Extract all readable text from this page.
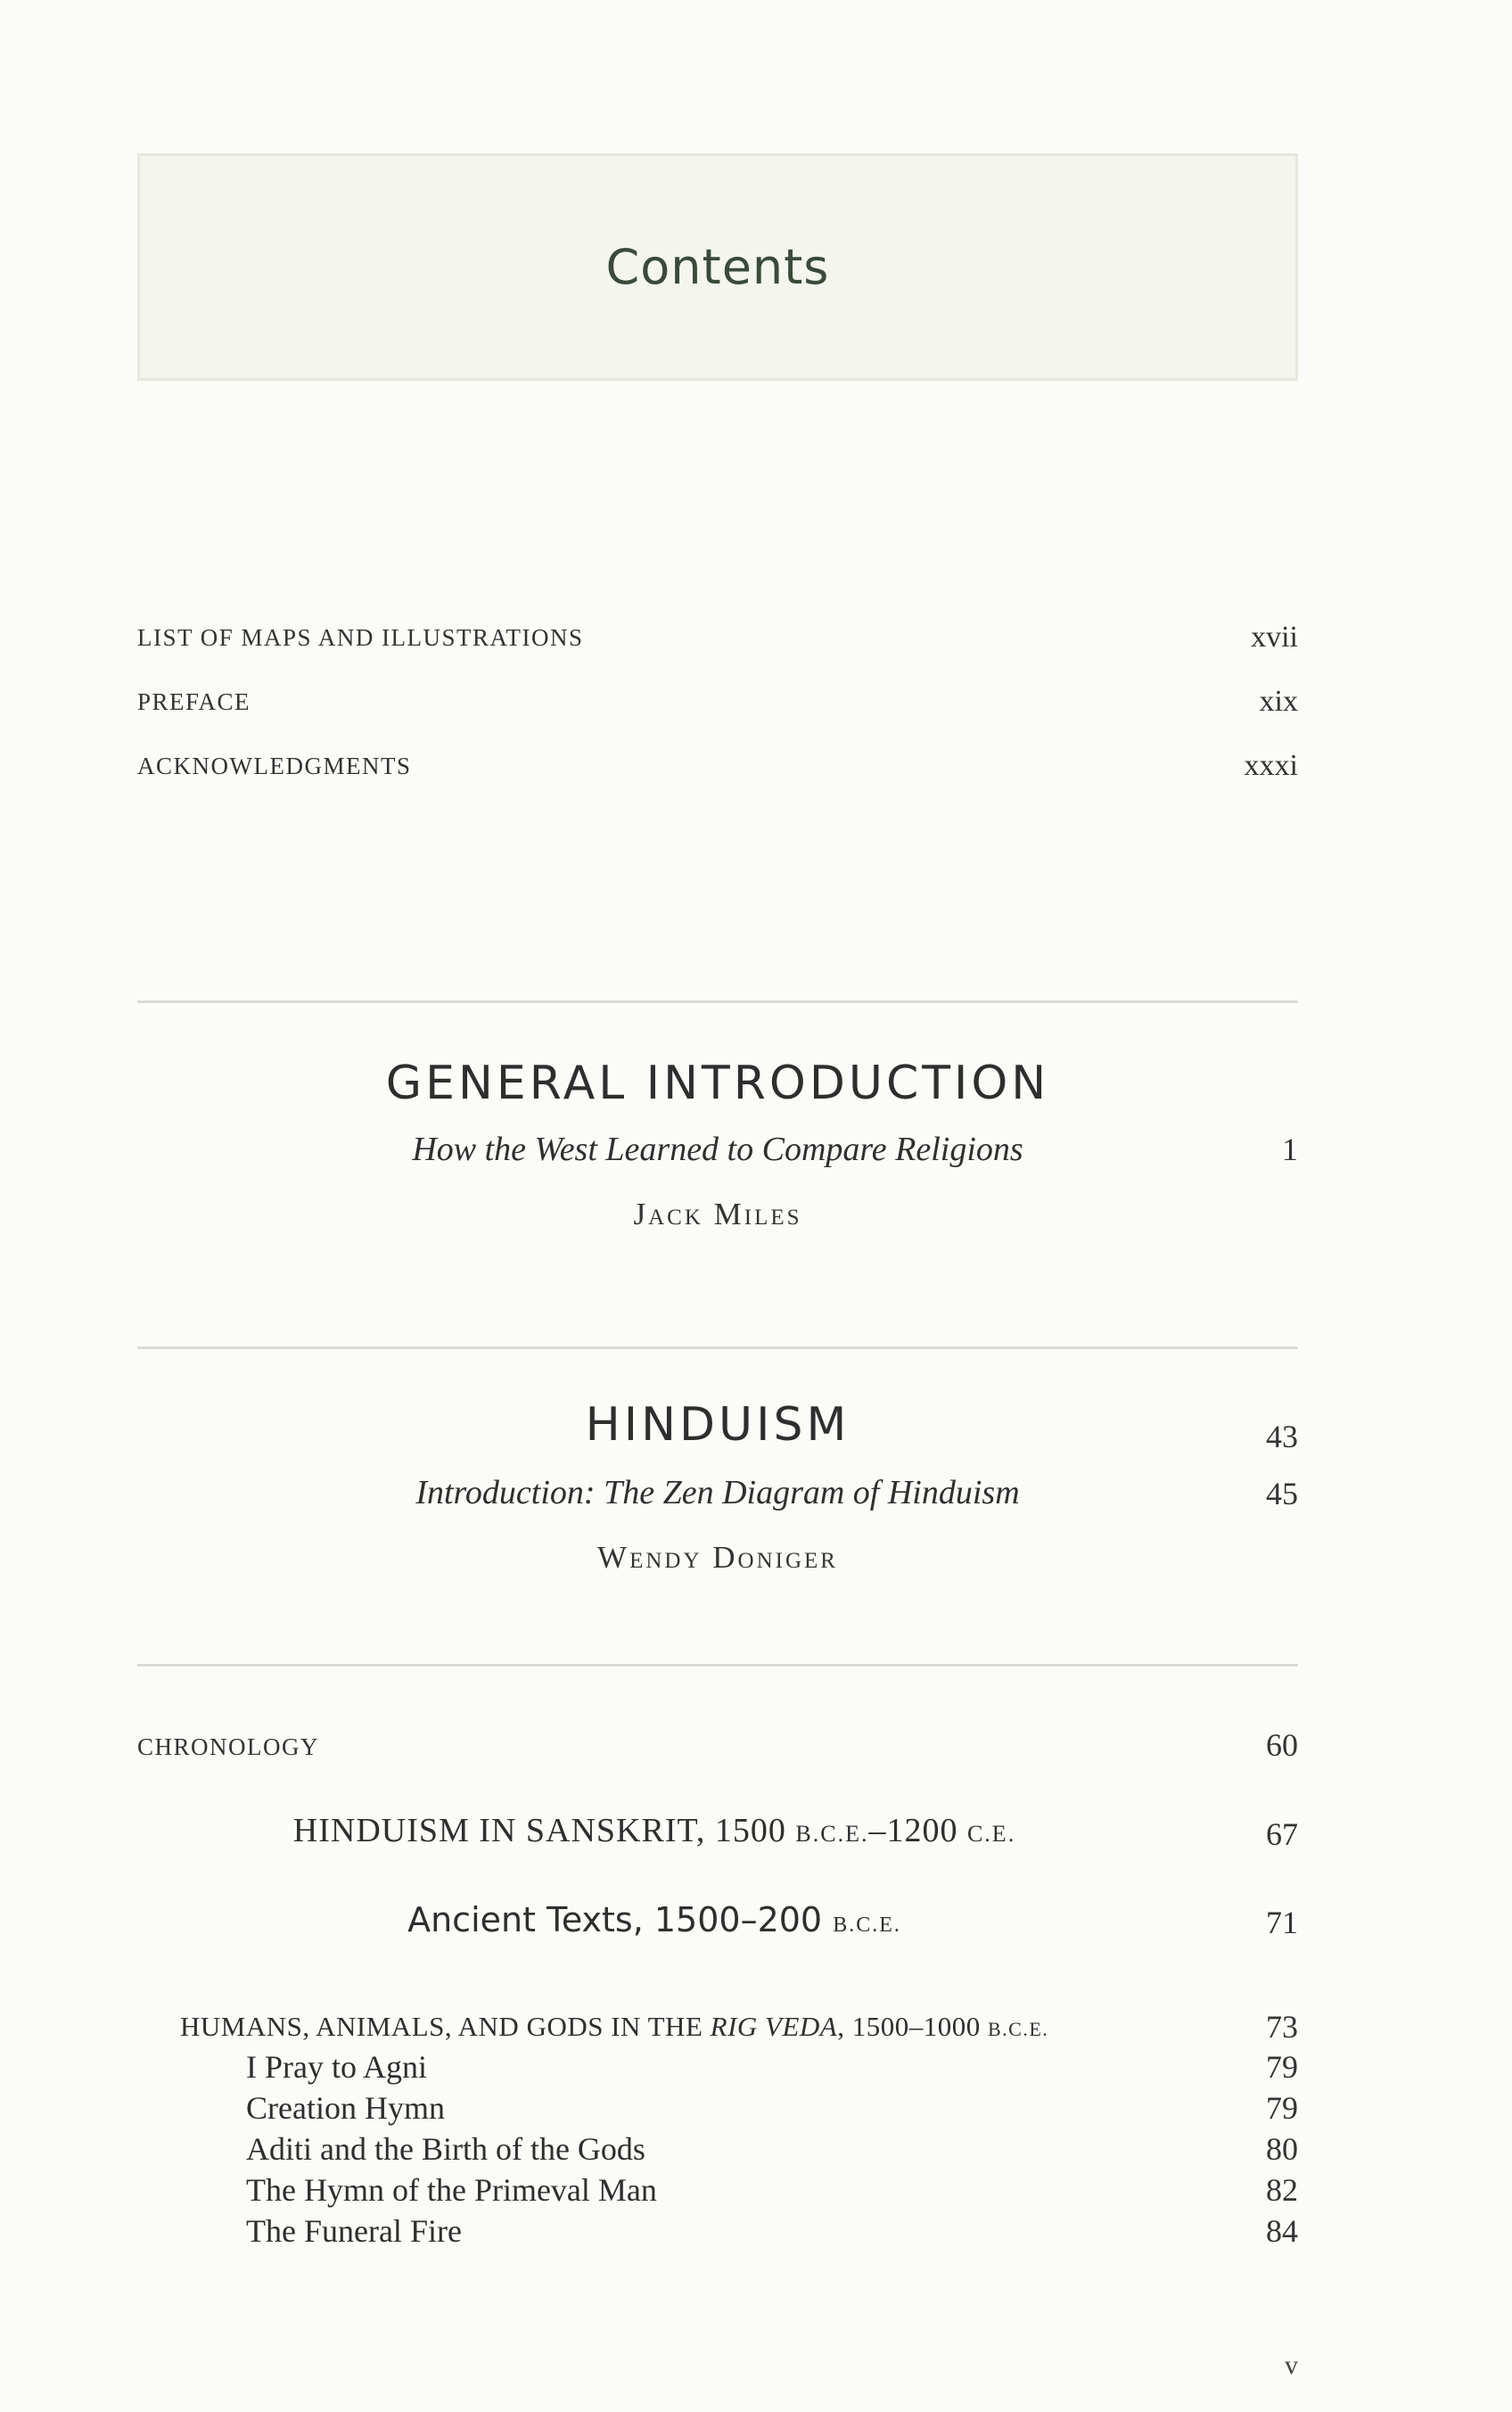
Contents
LIST OF MAPS AND ILLUSTRATIONS	xvii
PREFACE	xix
ACKNOWLEDGMENTS	xxxi
GENERAL INTRODUCTION
How the West Learned to Compare Religions	1
Jack Miles
HINDUISM	43
Introduction: The Zen Diagram of Hinduism	45
Wendy Doniger
CHRONOLOGY	60
HINDUISM IN SANSKRIT, 1500 B.C.E.–1200 C.E.	67
Ancient Texts, 1500–200 B.C.E.	71
HUMANS, ANIMALS, AND GODS IN THE RIG VEDA, 1500–1000 B.C.E.	73
I Pray to Agni	79
Creation Hymn	79
Aditi and the Birth of the Gods	80
The Hymn of the Primeval Man	82
The Funeral Fire	84
v
